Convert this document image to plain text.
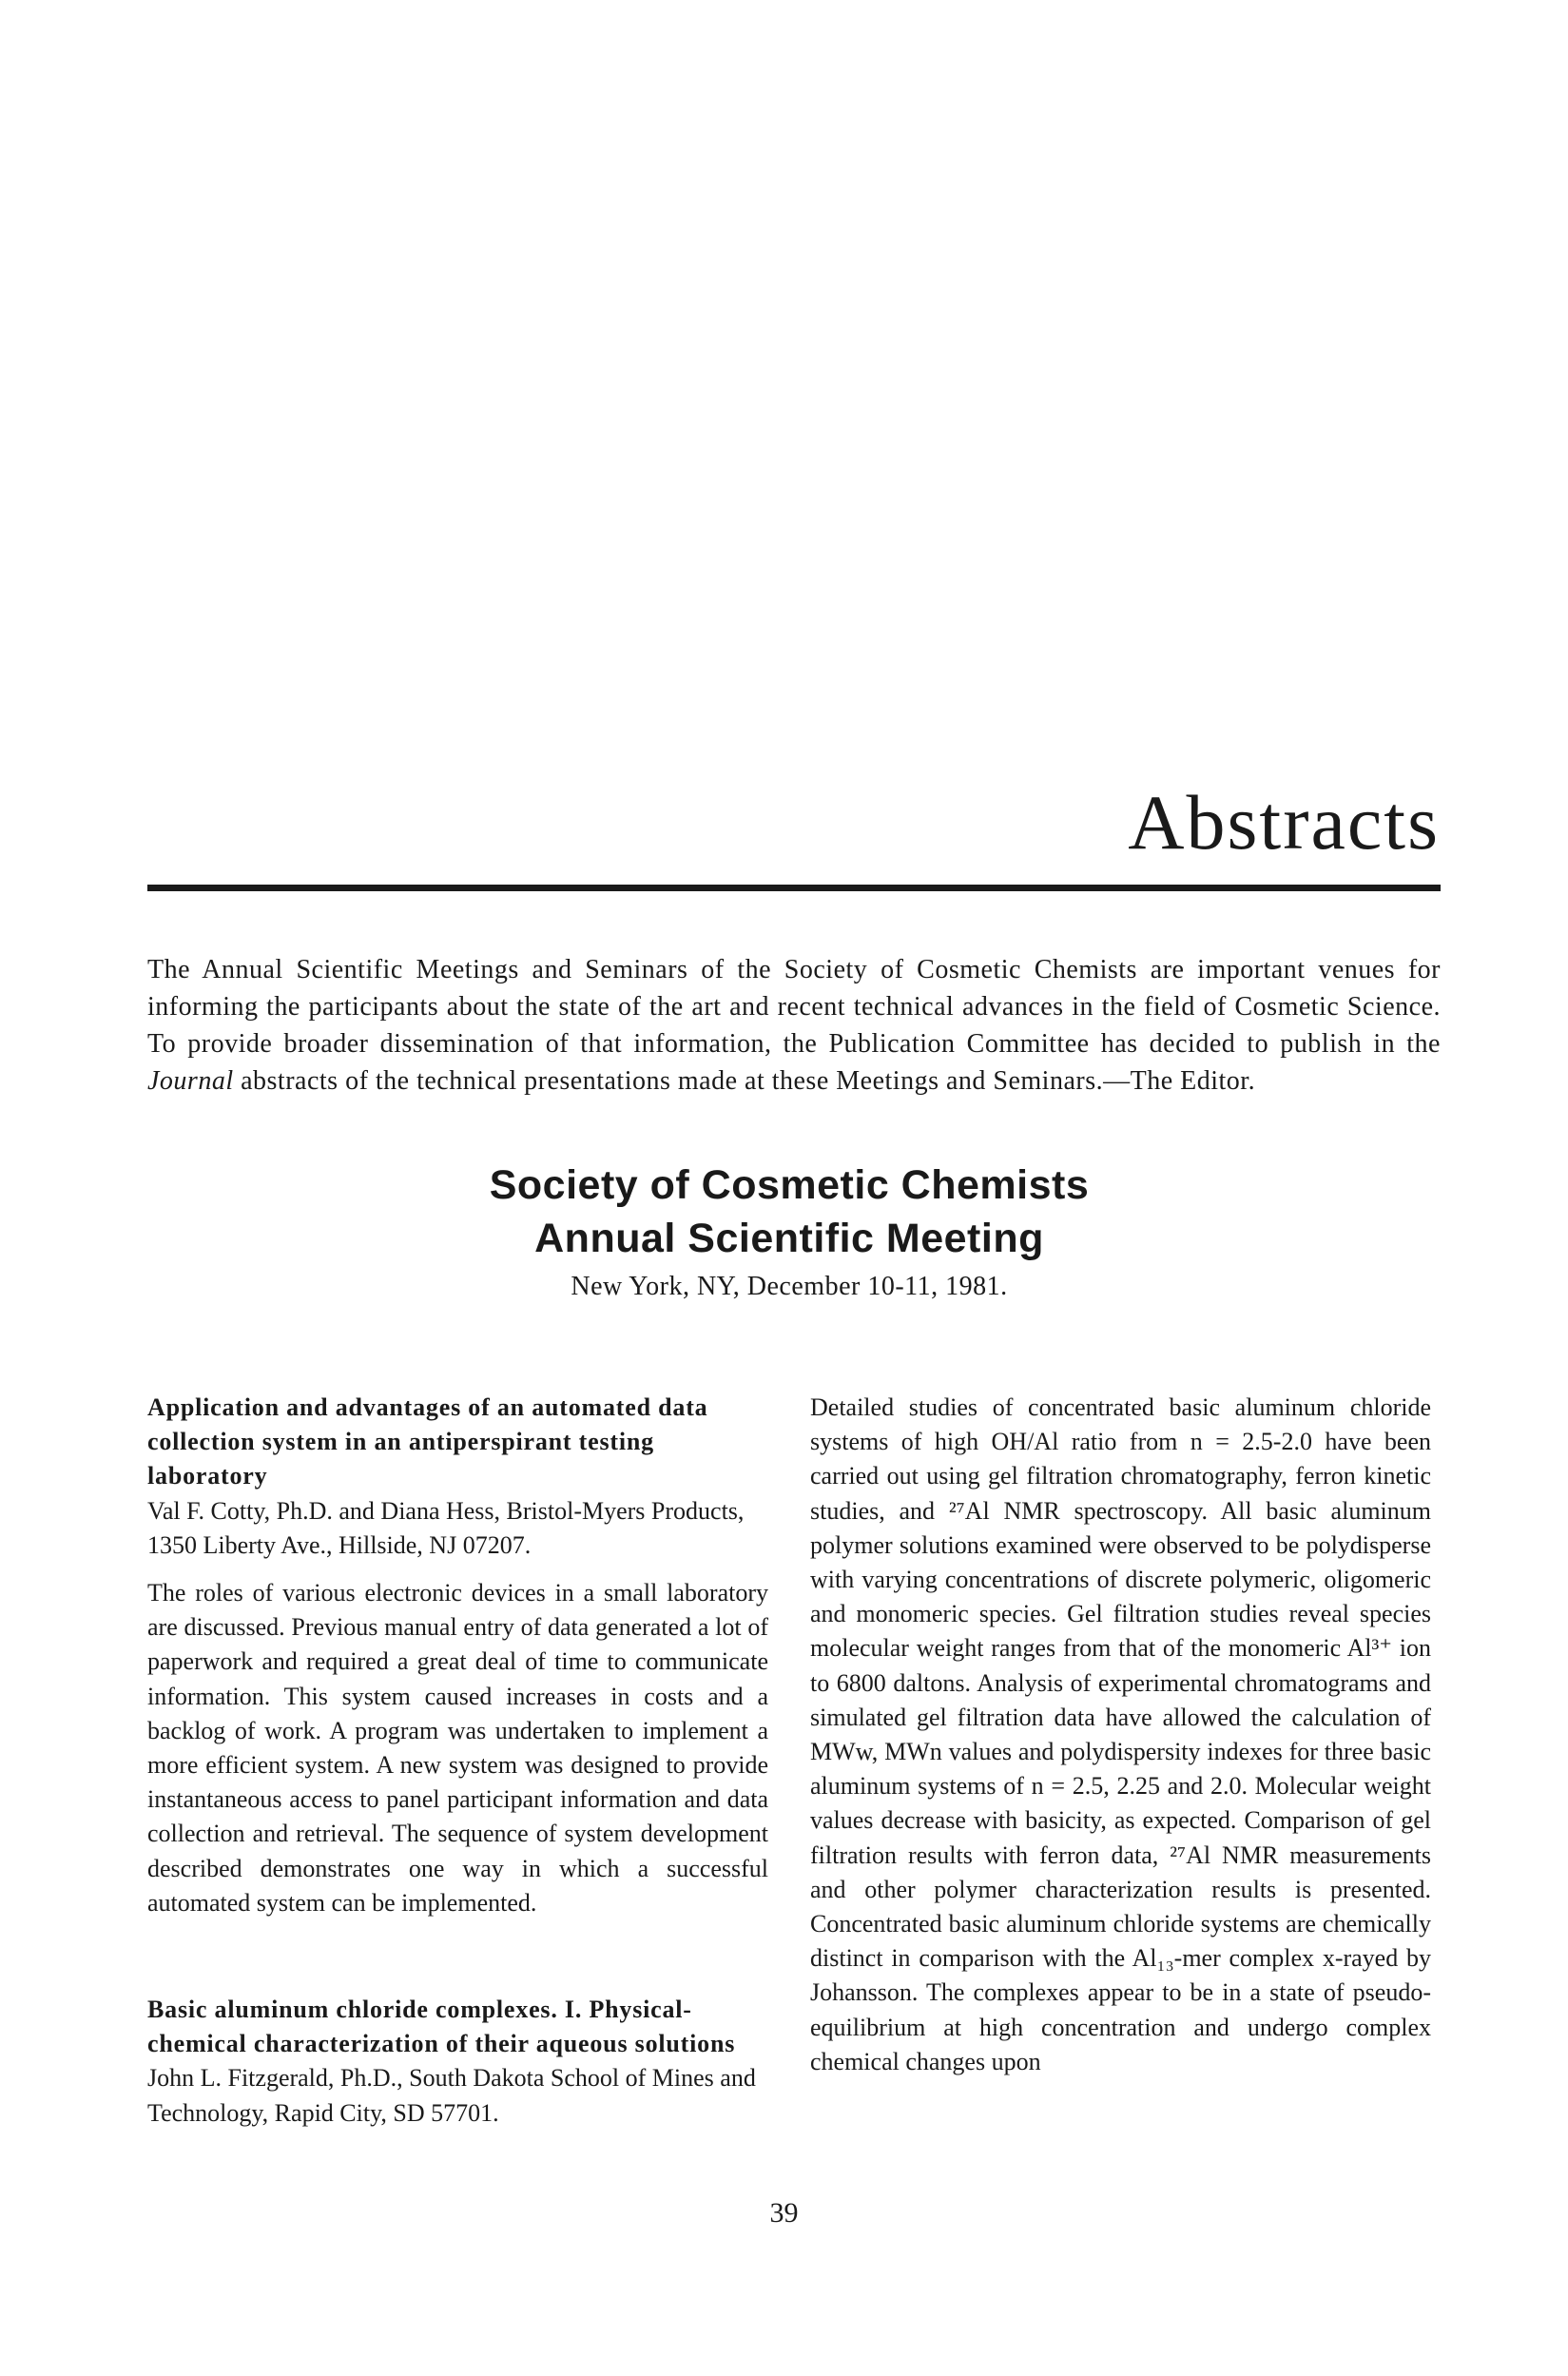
Abstracts

The Annual Scientific Meetings and Seminars of the Society of Cosmetic Chemists are important venues for informing the participants about the state of the art and recent technical advances in the field of Cosmetic Science. To provide broader dissemination of that information, the Publication Committee has decided to publish in the Journal abstracts of the technical presentations made at these Meetings and Seminars.—The Editor.

Society of Cosmetic Chemists

Annual Scientific Meeting

New York, NY, December 10-11, 1981.

Application and advantages of an automated data collection system in an antiperspirant testing laboratory

Val F. Cotty, Ph.D. and Diana Hess, Bristol-Myers Products, 1350 Liberty Ave., Hillside, NJ 07207.

The roles of various electronic devices in a small laboratory are discussed. Previous manual entry of data generated a lot of paperwork and required a great deal of time to communicate information. This system caused increases in costs and a backlog of work. A program was undertaken to implement a more efficient system. A new system was designed to provide instantaneous access to panel participant information and data collection and retrieval. The sequence of system development described demonstrates one way in which a successful automated system can be implemented.

Basic aluminum chloride complexes. I. Physical-chemical characterization of their aqueous solutions

John L. Fitzgerald, Ph.D., South Dakota School of Mines and Technology, Rapid City, SD 57701.

Detailed studies of concentrated basic aluminum chloride systems of high OH/Al ratio from n = 2.5-2.0 have been carried out using gel filtration chromatography, ferron kinetic studies, and ²⁷Al NMR spectroscopy. All basic aluminum polymer solutions examined were observed to be polydisperse with varying concentrations of discrete polymeric, oligomeric and monomeric species. Gel filtration studies reveal species molecular weight ranges from that of the monomeric Al³⁺ ion to 6800 daltons. Analysis of experimental chromatograms and simulated gel filtration data have allowed the calculation of MWw, MWn values and polydispersity indexes for three basic aluminum systems of n = 2.5, 2.25 and 2.0. Molecular weight values decrease with basicity, as expected. Comparison of gel filtration results with ferron data, ²⁷Al NMR measurements and other polymer characterization results is presented. Concentrated basic aluminum chloride systems are chemically distinct in comparison with the Al₁₃-mer complex x-rayed by Johansson. The complexes appear to be in a state of pseudo-equilibrium at high concentration and undergo complex chemical changes upon

39
